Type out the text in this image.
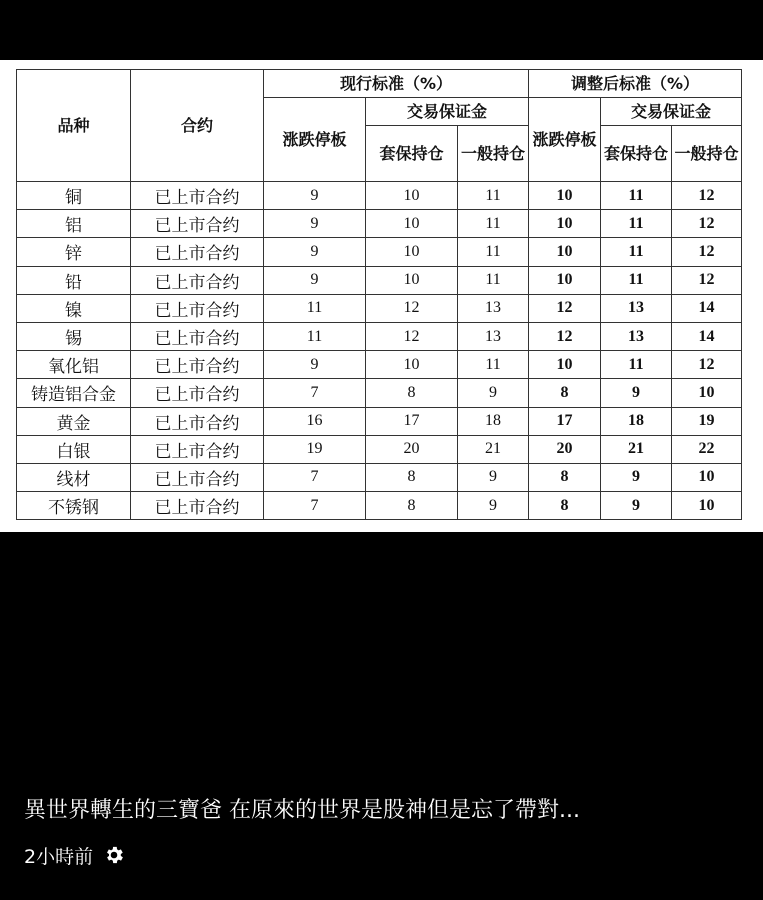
品种	合约	现行标准（%）			调整后标准（%）		
		涨跌停板	交易保证金		涨跌停板	交易保证金	
			套保持仓	一般持仓		套保持仓	一般持仓
铜	已上市合约	9	10	11	10	11	12
铝	已上市合约	9	10	11	10	11	12
锌	已上市合约	9	10	11	10	11	12
铅	已上市合约	9	10	11	10	11	12
镍	已上市合约	11	12	13	12	13	14
锡	已上市合约	11	12	13	12	13	14
氧化铝	已上市合约	9	10	11	10	11	12
铸造铝合金	已上市合约	7	8	9	8	9	10
黄金	已上市合约	16	17	18	17	18	19
白银	已上市合约	19	20	21	20	21	22
线材	已上市合约	7	8	9	8	9	10
不锈钢	已上市合约	7	8	9	8	9	10
異世界轉生的三寶爸 在原來的世界是股神但是忘了帶對...
2小時前
